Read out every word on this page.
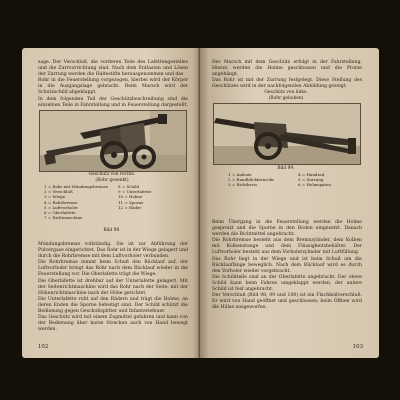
sage. Der Verschluß, die vorderen Teile des Lafettengestelles und die Zurrvorrichtung sind. Nach dem Entlasten und Lösen der Zurrung werden die Haltestifte herausgenommen und das

Rohr in die Feuerstellung vorgezogen, hierbei wird der Körper in die Ausgangslage gebracht. Beim Marsch wird der Schutzschild abgeklappt.

In dem folgenden Teil der Geschützbeschreibung sind die einzelnen Teile in Fahrstellung und in Feuerstellung dargestellt.

Geschütz von rechts.
(Rohr gesenkt)
1 = Rohr mit Mündungsbremse
2 = Verschluß
3 = Wiege
4 = Rohrbremse
5 = Luftvorholer
6 = Oberlafette
7 = Richtmaschine
8 = Schild
9 = Unterlafette
10 = Holme
11 = Sporne
12 = Räder
Bild 98.

Mündungsbremse vollständig. Sie ist zur Abführung der Pulvergase eingerichtet. Das Rohr ist in der Wiege gelagert und durch die Rohrbremse mit dem Luftvorholer verbunden.

Die Rohrbremse nimmt beim Schuß den Rücklauf auf, der Luftvorholer bringt das Rohr nach dem Rücklauf wieder in die Feuerstellung vor. Die Oberlafette trägt die Wiege.

Die Oberlafette ist drehbar auf der Unterlafette gelagert. Mit der Seitenrichtmaschine wird das Rohr nach der Seite, mit der Höhenrichtmaschine nach der Höhe gerichtet.

Die Unterlafette ruht auf den Rädern und trägt die Holme, an deren Enden die Sporne befestigt sind. Der Schild schützt die Bedienung gegen Geschoßsplitter und Infanteriefeuer.

Das Geschütz wird mit einem Zugmittel gefahren und kann von der Bedienung über kurze Strecken auch von Hand bewegt werden.

102

Der Marsch mit dem Geschütz erfolgt in der Fahrstellung. Hierzu werden die Holme geschlossen und die Protze angehängt.

Das Rohr ist mit der Zurrung festgelegt. Diese Stellung des Geschützes wird in der nachfolgenden Abbildung gezeigt.

Geschütz von links.
(Rohr gehoben)
Bild 99.
1 = Aufsatz
2 = Rundblickfernrohr
3 = Richtkreis
4 = Handrad
5 = Zurrung
6 = Holmspaten

Beim Übergang in die Feuerstellung werden die Holme gespreizt und die Sporne in den Boden eingesetzt. Danach werden die Richtmittel angebracht.

Die Rohrbremse besteht aus dem Bremszylinder, dem Kolben mit Kolbenstange und dem Flüssigkeitsbehälter. Der Luftvorholer besteht aus dem Vorholerzylinder mit Luftfüllung.

Das Rohr liegt in der Wiege und ist beim Schuß um die Rücklauflänge beweglich. Nach dem Rücklauf wird es durch den Vorholer wieder vorgebracht.

Die Schildteile sind an der Oberlafette angebracht. Der obere Schild kann beim Fahren umgeklappt werden, der untere Schild ist fest angebracht.

Der Verschluß (Bild 98, 99 und 100) ist ein Flachkeilverschluß. Er wird von Hand geöffnet und geschlossen; beim Öffnen wird die Hülse ausgeworfen.

103
